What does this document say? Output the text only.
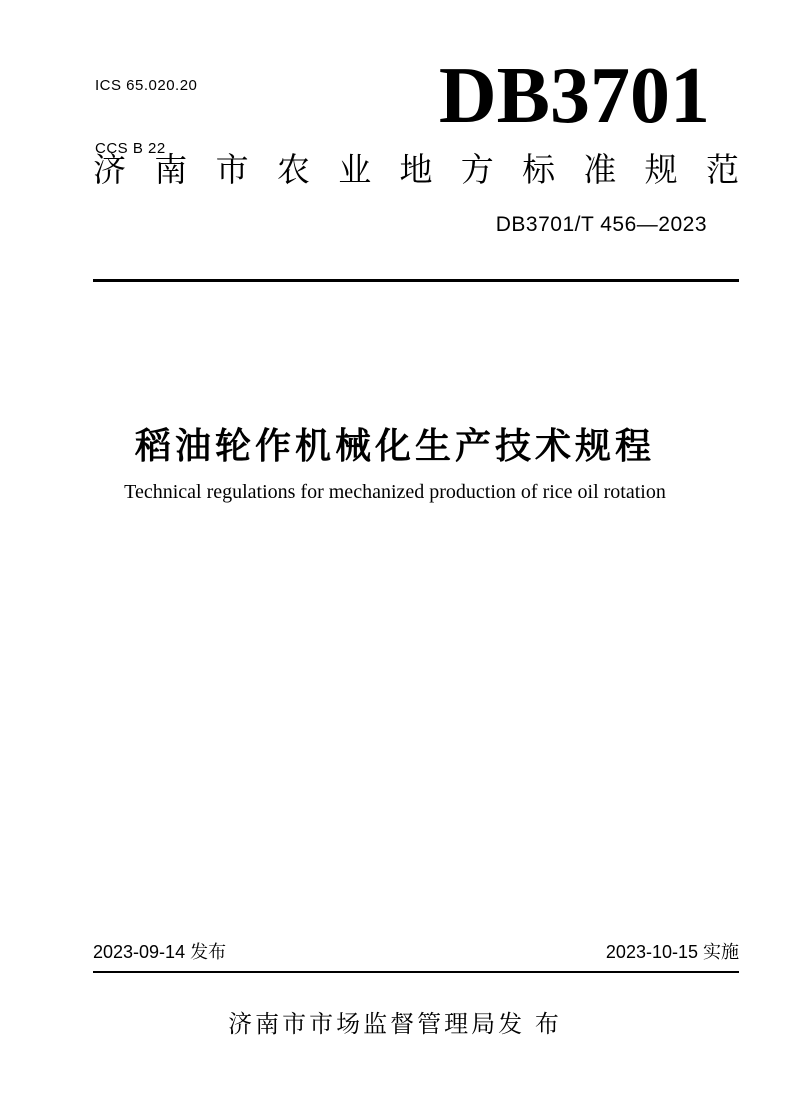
ICS 65.020.20

CCS B 22

DB3701
济 南 市 农 业 地 方 标 准 规 范
DB3701/T 456—2023
稻油轮作机械化生产技术规程
Technical regulations for mechanized production of rice oil rotation
2023-09-14 发布	2023-10-15 实施
济南市市场监督管理局发 布
